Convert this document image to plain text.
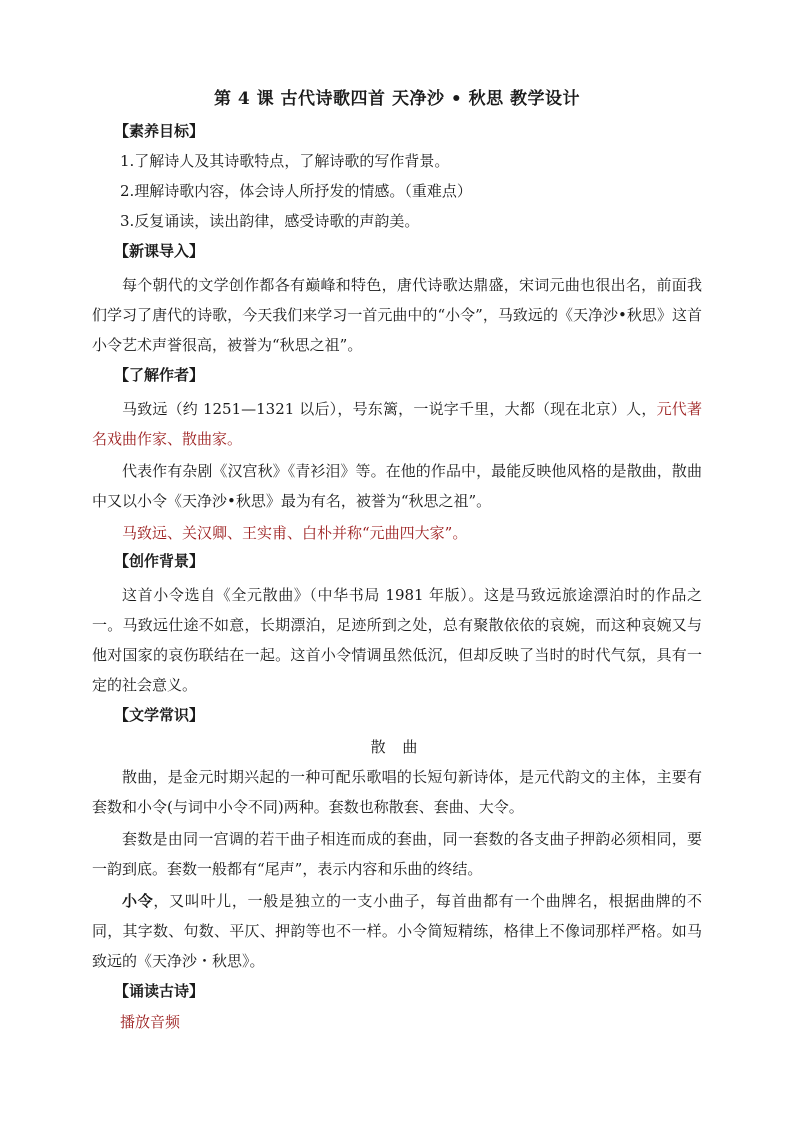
第 4 课 古代诗歌四首 天净沙 • 秋思 教学设计
【素养目标】
1.了解诗人及其诗歌特点，了解诗歌的写作背景。
2.理解诗歌内容，体会诗人所抒发的情感。（重难点）
3.反复诵读，读出韵律，感受诗歌的声韵美。
【新课导入】

每个朝代的文学创作都各有巅峰和特色，唐代诗歌达鼎盛，宋词元曲也很出名，前面我们学习了唐代的诗歌，今天我们来学习一首元曲中的“小令”，马致远的《天净沙•秋思》这首小令艺术声誉很高，被誉为“秋思之祖”。

【了解作者】

马致远（约 1251—1321 以后），号东篱，一说字千里，大都（现在北京）人，元代著名戏曲作家、散曲家。

代表作有杂剧《汉宫秋》《青衫泪》等。在他的作品中，最能反映他风格的是散曲，散曲中又以小令《天净沙•秋思》最为有名，被誉为“秋思之祖”。

马致远、关汉卿、王实甫、白朴并称“元曲四大家”。

【创作背景】

这首小令选自《全元散曲》（中华书局 1981 年版）。这是马致远旅途漂泊时的作品之一。马致远仕途不如意，长期漂泊，足迹所到之处，总有聚散依依的哀婉，而这种哀婉又与他对国家的哀伤联结在一起。这首小令情调虽然低沉，但却反映了当时的时代气氛，具有一定的社会意义。

【文学常识】
散 曲

散曲，是金元时期兴起的一种可配乐歌唱的长短句新诗体，是元代韵文的主体，主要有套数和小令(与词中小令不同)两种。套数也称散套、套曲、大令。

套数是由同一宫调的若干曲子相连而成的套曲，同一套数的各支曲子押韵必须相同，要一韵到底。套数一般都有“尾声”，表示内容和乐曲的终结。

小令，又叫叶儿，一般是独立的一支小曲子，每首曲都有一个曲牌名，根据曲牌的不同，其字数、句数、平仄、押韵等也不一样。小令简短精练，格律上不像词那样严格。如马致远的《天净沙・秋思》。

【诵读古诗】
播放音频
